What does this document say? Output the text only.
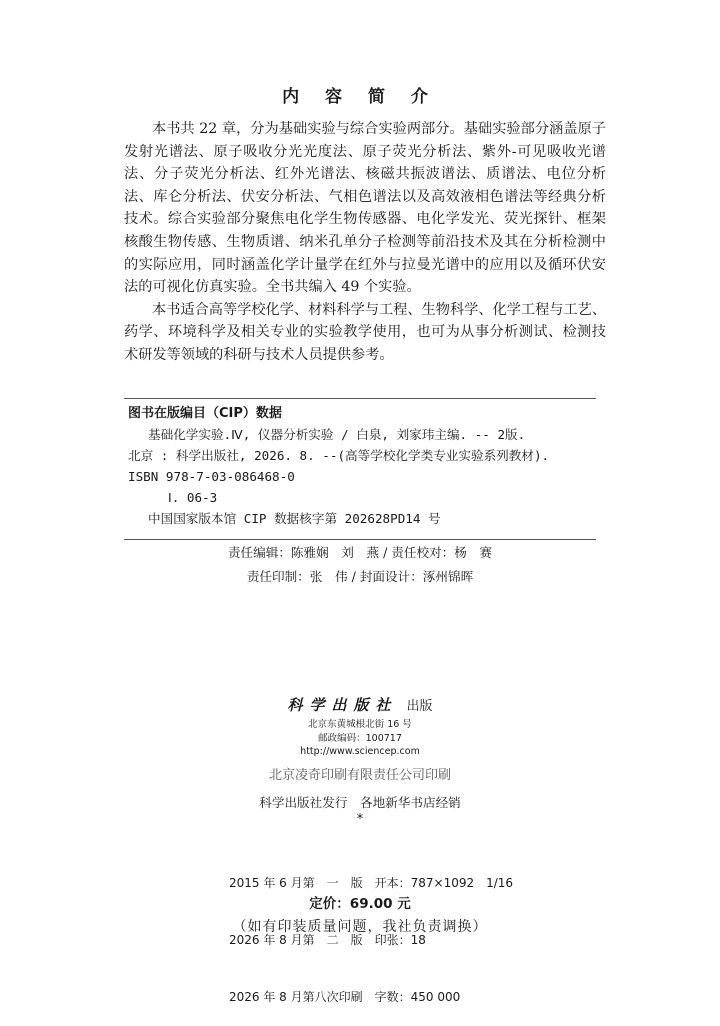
内 容 简 介

本书共 22 章，分为基础实验与综合实验两部分。基础实验部分涵盖原子发射光谱法、原子吸收分光光度法、原子荧光分析法、紫外-可见吸收光谱法、分子荧光分析法、红外光谱法、核磁共振波谱法、质谱法、电位分析法、库仑分析法、伏安分析法、气相色谱法以及高效液相色谱法等经典分析技术。综合实验部分聚焦电化学生物传感器、电化学发光、荧光探针、框架核酸生物传感、生物质谱、纳米孔单分子检测等前沿技术及其在分析检测中的实际应用，同时涵盖化学计量学在红外与拉曼光谱中的应用以及循环伏安法的可视化仿真实验。全书共编入 49 个实验。

本书适合高等学校化学、材料科学与工程、生物科学、化学工程与工艺、药学、环境科学及相关专业的实验教学使用，也可为从事分析测试、检测技术研发等领域的科研与技术人员提供参考。

图书在版编目（CIP）数据
基础化学实验.Ⅳ, 仪器分析实验 / 白泉, 刘家玮主编. -- 2版.
北京 : 科学出版社, 2026. 8. --(高等学校化学类专业实验系列教材).
ISBN 978-7-03-086468-0
Ⅰ. 06-3
中国国家版本馆 CIP 数据核字第 202628PD14 号
责任编辑：陈雅娴　刘　燕 / 责任校对：杨　赛
责任印制：张　伟 / 封面设计：涿州锦晖
科学出版社 出版
北京东黄城根北街 16 号
邮政编码：100717
http://www.sciencep.com
北京凌奇印刷有限责任公司印刷
科学出版社发行　各地新华书店经销
*

2015 年 6 月第　一　版　开本：787×1092　1/16

2026 年 8 月第　二　版　印张：18

2026 年 8 月第八次印刷　字数：450 000

定价：69.00 元
（如有印装质量问题，我社负责调换）
